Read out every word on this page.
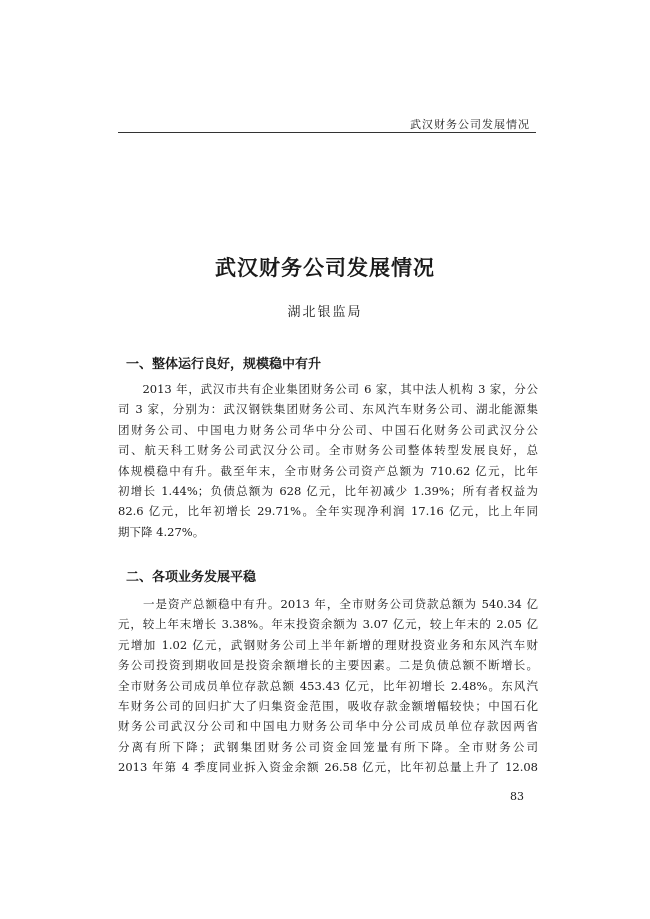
武汉财务公司发展情况
武汉财务公司发展情况
湖北银监局
一、整体运行良好，规模稳中有升
　　2013 年，武汉市共有企业集团财务公司 6 家，其中法人机构 3 家，分公
司 3 家，分别为：武汉钢铁集团财务公司、东风汽车财务公司、湖北能源集
团财务公司、中国电力财务公司华中分公司、中国石化财务公司武汉分公
司、航天科工财务公司武汉分公司。全市财务公司整体转型发展良好，总
体规模稳中有升。截至年末，全市财务公司资产总额为 710.62 亿元，比年
初增长 1.44%；负债总额为 628 亿元，比年初减少 1.39%；所有者权益为
82.6 亿元，比年初增长 29.71%。全年实现净利润 17.16 亿元，比上年同
期下降 4.27%。
二、各项业务发展平稳
　　一是资产总额稳中有升。2013 年，全市财务公司贷款总额为 540.34 亿
元，较上年末增长 3.38%。年末投资余额为 3.07 亿元，较上年末的 2.05 亿
元增加 1.02 亿元，武钢财务公司上半年新增的理财投资业务和东风汽车财
务公司投资到期收回是投资余额增长的主要因素。二是负债总额不断增长。
全市财务公司成员单位存款总额 453.43 亿元，比年初增长 2.48%。东风汽
车财务公司的回归扩大了归集资金范围，吸收存款金额增幅较快；中国石化
财务公司武汉分公司和中国电力财务公司华中分公司成员单位存款因两省
分离有所下降；武钢集团财务公司资金回笼量有所下降。全市财务公司
2013 年第 4 季度同业拆入资金余额 26.58 亿元，比年初总量上升了 12.08
83
